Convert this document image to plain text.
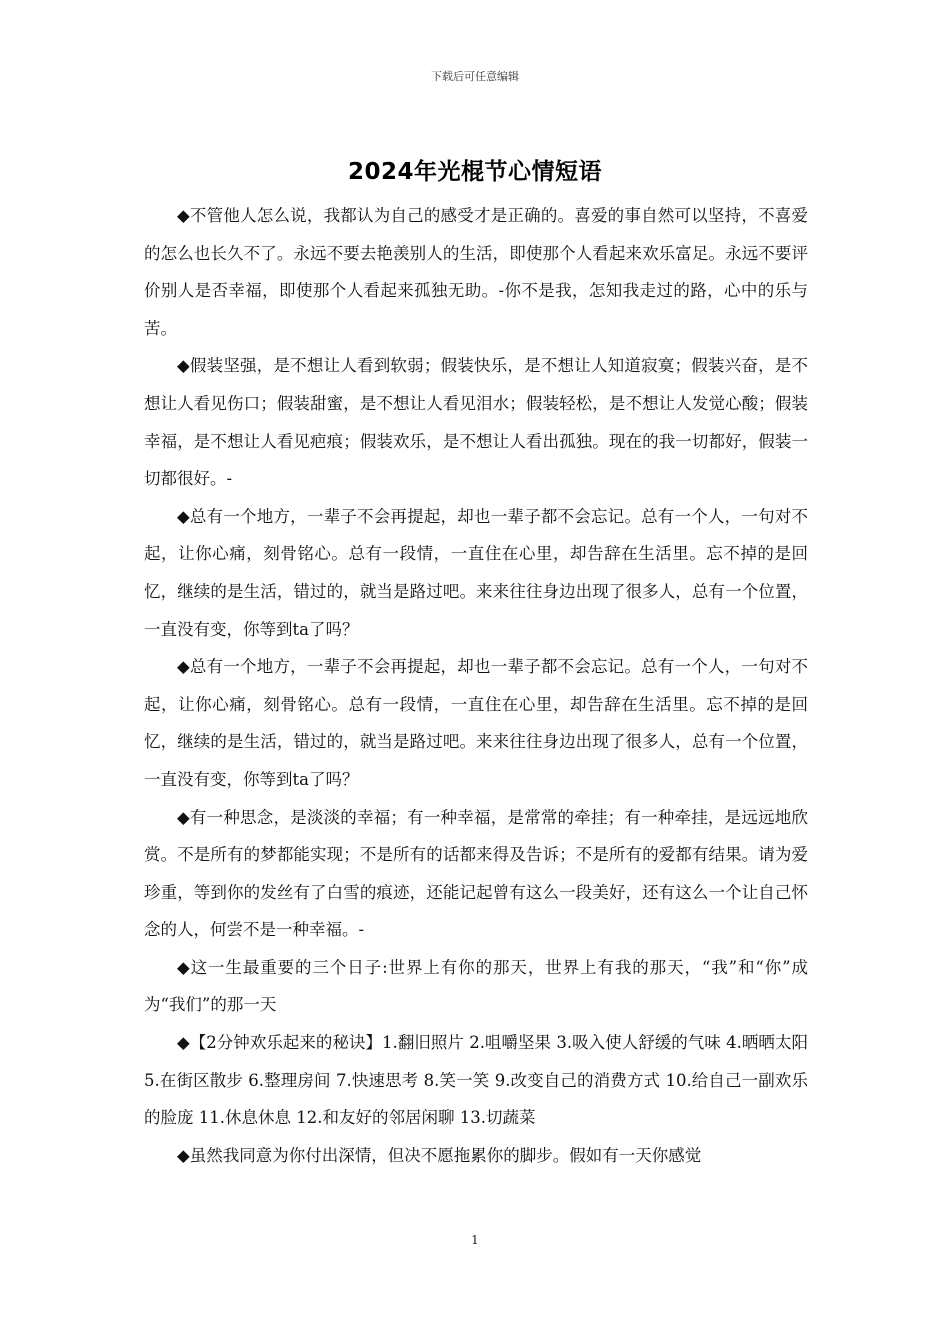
下载后可任意编辑
2024年光棍节心情短语

◆不管他人怎么说，我都认为自己的感受才是正确的。喜爱的事自然可以坚持，不喜爱的怎么也长久不了。永远不要去艳羡别人的生活，即使那个人看起来欢乐富足。永远不要评价别人是否幸福，即使那个人看起来孤独无助。-你不是我，怎知我走过的路，心中的乐与苦。

◆假装坚强，是不想让人看到软弱；假装快乐，是不想让人知道寂寞；假装兴奋，是不想让人看见伤口；假装甜蜜，是不想让人看见泪水；假装轻松，是不想让人发觉心酸；假装幸福，是不想让人看见疤痕；假装欢乐，是不想让人看出孤独。现在的我一切都好，假装一切都很好。-

◆总有一个地方，一辈子不会再提起，却也一辈子都不会忘记。总有一个人，一句对不起，让你心痛，刻骨铭心。总有一段情，一直住在心里，却告辞在生活里。忘不掉的是回忆，继续的是生活，错过的，就当是路过吧。来来往往身边出现了很多人，总有一个位置，一直没有变，你等到ta了吗？

◆总有一个地方，一辈子不会再提起，却也一辈子都不会忘记。总有一个人，一句对不起，让你心痛，刻骨铭心。总有一段情，一直住在心里，却告辞在生活里。忘不掉的是回忆，继续的是生活，错过的，就当是路过吧。来来往往身边出现了很多人，总有一个位置，一直没有变，你等到ta了吗？

◆有一种思念，是淡淡的幸福；有一种幸福，是常常的牵挂；有一种牵挂，是远远地欣赏。不是所有的梦都能实现；不是所有的话都来得及告诉；不是所有的爱都有结果。请为爱珍重，等到你的发丝有了白雪的痕迹，还能记起曾有这么一段美好，还有这么一个让自己怀念的人，何尝不是一种幸福。-

◆这一生最重要的三个日子:世界上有你的那天，世界上有我的那天，“我”和“你”成为“我们”的那一天

◆【2分钟欢乐起来的秘诀】1.翻旧照片 2.咀嚼坚果 3.吸入使人舒缓的气味 4.晒晒太阳 5.在街区散步 6.整理房间 7.快速思考 8.笑一笑 9.改变自己的消费方式 10.给自己一副欢乐的脸庞 11.休息休息 12.和友好的邻居闲聊 13.切蔬菜

◆虽然我同意为你付出深情，但决不愿拖累你的脚步。假如有一天你感觉

1
